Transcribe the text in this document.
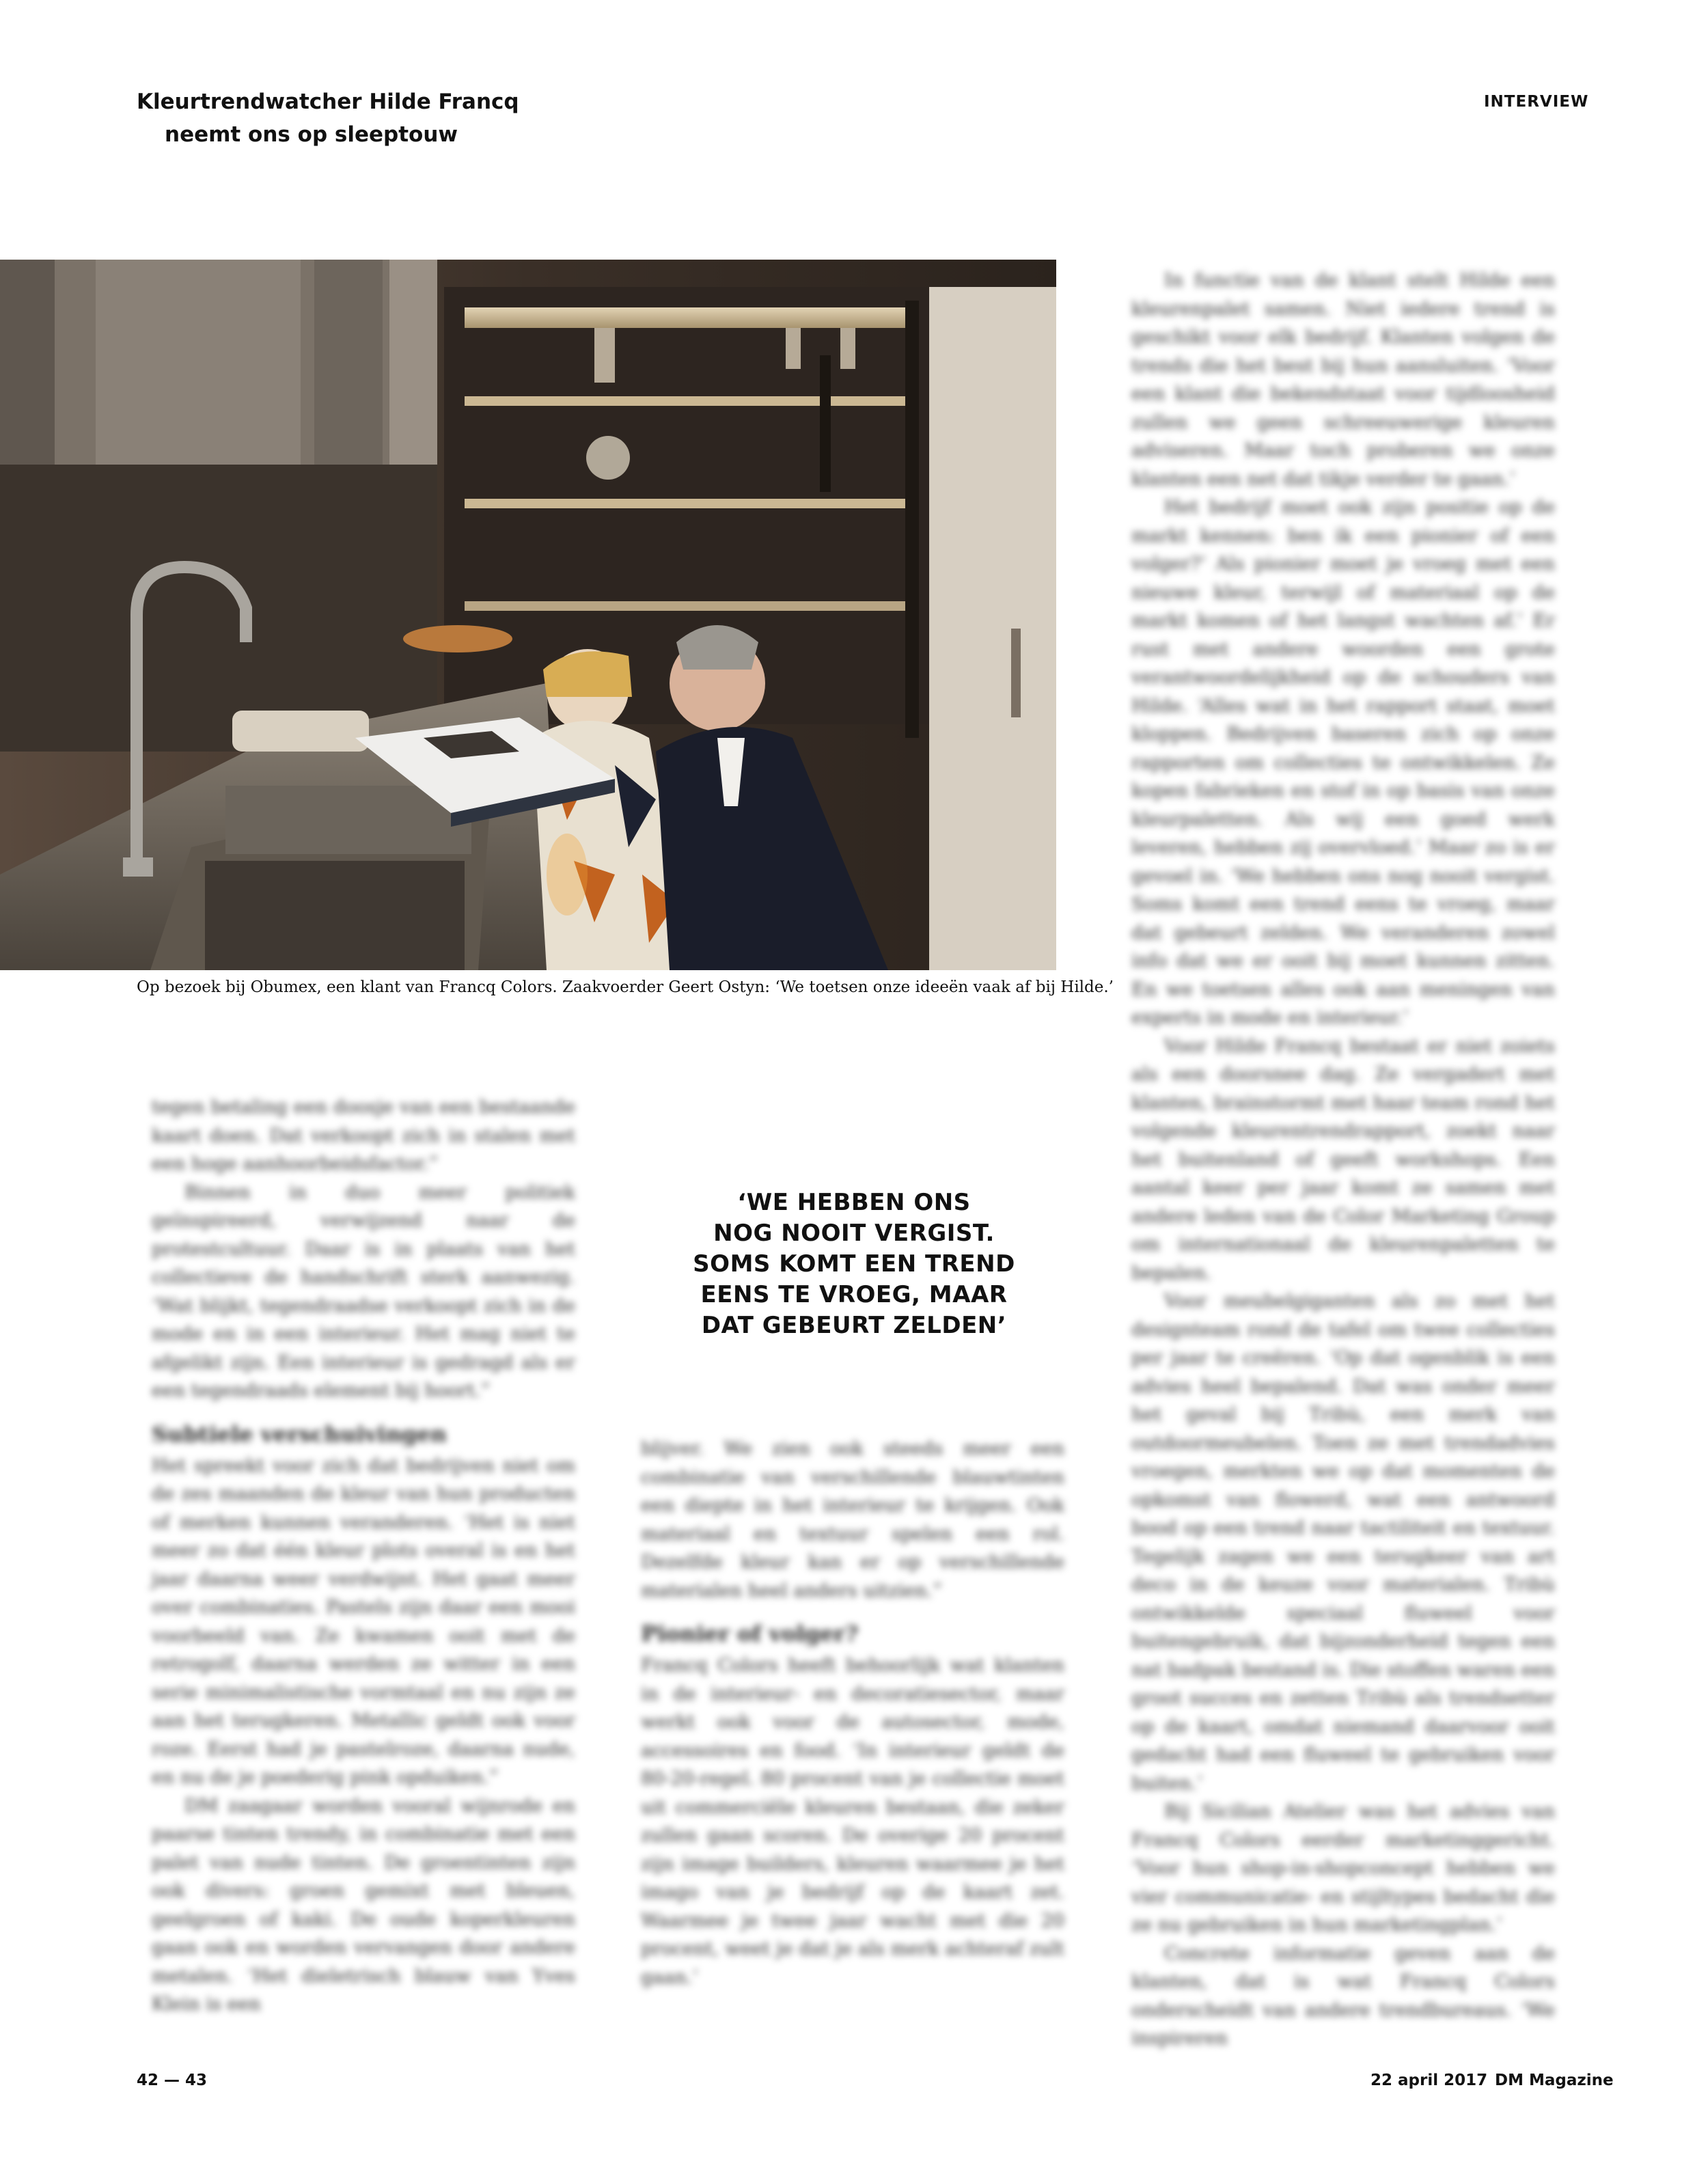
Kleurtrendwatcher Hilde Francq
neemt ons op sleeptouw
INTERVIEW
Op bezoek bij Obumex, een klant van Francq Colors. Zaakvoerder Geert Ostyn: ‘We toetsen onze ideeën vaak af bij Hilde.’
‘WE HEBBEN ONS
NOG NOOIT VERGIST.
SOMS KOMT EEN TREND
EENS TE VROEG, MAAR
DAT GEBEURT ZELDEN’

tegen betaling een doosje van een bestaande kaart doen. Dat verkoopt zich in stalen met een hoge aanhoorbeidsfactor.”

Binnen in duo meer politiek geïnspireerd, verwijzend naar de protestcultuur. Daar is in plaats van het collectieve de handschrift sterk aanwezig. ‘Wat blijkt, tegendraadse verkoopt zich in de mode en in een interieur. Het mag niet te afgelikt zijn. Een interieur is gedragd als er een tegendraads element bij hoort.”

Subtiele verschuivingen

Het spreekt voor zich dat bedrijven niet om de zes maanden de kleur van hun producten of merken kunnen veranderen. ‘Het is niet meer zo dat één kleur plots overal is en het jaar daarna weer verdwijnt. Het gaat meer over combinaties. Pastels zijn daar een mooi voorbeeld van. Ze kwamen ooit met de retrogolf, daarna werden ze witter in een serie minimalistische vormtaal en nu zijn ze aan het terugkeren. Metallic geldt ook voor roze. Eerst had je pastelroze, daarna nude, en nu de je poederig pink opduiken.”

DM zaagaar worden vooral wijnrode en paarse tinten trendy, in combinatie met een palet van nude tinten. De groentinten zijn ook divers: groen gemixt met bleuen, geelgroen of kaki. De oude koperkleuren gaan ook en worden vervangen door andere metalen. ‘Het dieletrisch blauw van Yves Klein is een

blijver. We zien ook steeds meer een combinatie van verschillende blauwtinten een diepte in het interieur te krijgen. Ook materiaal en textuur spelen een rol. Dezelfde kleur kan er op verschillende materialen heel anders uitzien.”

Pionier of volger?

Francq Colors heeft behoorlijk wat klanten in de interieur- en decoratiesector, maar werkt ook voor de autosector, mode, accessoires en food. ‘In interieur geldt de 80-20-regel. 80 procent van je collectie moet uit commerciële kleuren bestaan, die zeker zullen gaan scoren. De overige 20 procent zijn image builders, kleuren waarmee je het imago van je bedrijf op de kaart zet. Waarmee je twee jaar wacht met die 20 procent, weet je dat je als merk achteraf zult gaan.’

In functie van de klant stelt Hilde een kleurenpalet samen. Niet iedere trend is geschikt voor elk bedrijf. Klanten volgen de trends die het best bij hun aansluiten. ‘Voor een klant die bekendstaat voor tijdloosheid zullen we geen schreeuwerige kleuren adviseren. Maar toch proberen we onze klanten een net dat tikje verder te gaan.’

Het bedrijf moet ook zijn positie op de markt kennen: ben ik een pionier of een volger?’ Als pionier moet je vroeg met een nieuwe kleur, terwijl of materiaal op de markt komen of het langst wachten af.’ Er rust met andere woorden een grote verantwoordelijkheid op de schouders van Hilde. ‘Alles wat in het rapport staat, moet kloppen. Bedrijven baseren zich op onze rapporten om collecties te ontwikkelen. Ze kopen fabrieken en stof in op basis van onze kleurpaletten. Als wij een goed werk leveren, hebben zij overvloed.’ Maar zo is er gevoel in. ‘We hebben ons nog nooit vergist. Soms komt een trend eens te vroeg, maar dat gebeurt zelden. We veranderen zowel info dat we er ooit bij moet kunnen zitten. En we toetsen alles ook aan meningen van experts in mode en interieur.’

Voor Hilde Francq bestaat er niet zoiets als een doorsnee dag. Ze vergadert met klanten, brainstormt met haar team rond het volgende kleurentrendrapport, zoekt naar het buitenland of geeft workshops. Een aantal keer per jaar komt ze samen met andere leden van de Color Marketing Group om internationaal de kleurenpaletten te bepalen.

Voor meubelgiganten als zo met het designteam rond de tafel om twee collecties per jaar te creëren. ‘Op dat ogenblik is een advies heel bepalend. Dat was onder meer het geval bij Tribù, een merk van outdoormeubelen. Toen ze met trendadvies vroegen, merkten we op dat momenten de opkomst van flowerd, wat een antwoord bood op een trend naar tactiliteit en textuur. Tegelijk zagen we een terugkeer van art deco in de keuze voor materialen. Tribù ontwikkelde speciaal fluweel voor buitengebruik, dat bijzonderheid tegen een nat badpak bestand is. Die stoffen waren een groot succes en zetten Tribù als trendsetter op de kaart, omdat niemand daarvoor ooit gedacht had een fluweel te gebruiken voor buiten.’

Bij Sicilian Atelier was het advies van Francq Colors eerder marketinggericht. ‘Voor hun shop-in-shopconcept hebben we vier communicatie- en stijltypes bedacht die ze nu gebruiken in hun marketingplan.’

Concrete informatie geven aan de klanten, dat is wat Francq Colors onderscheidt van andere trendbureaus. ‘We inspireren

42 — 43	22 april 2017 DM Magazine
